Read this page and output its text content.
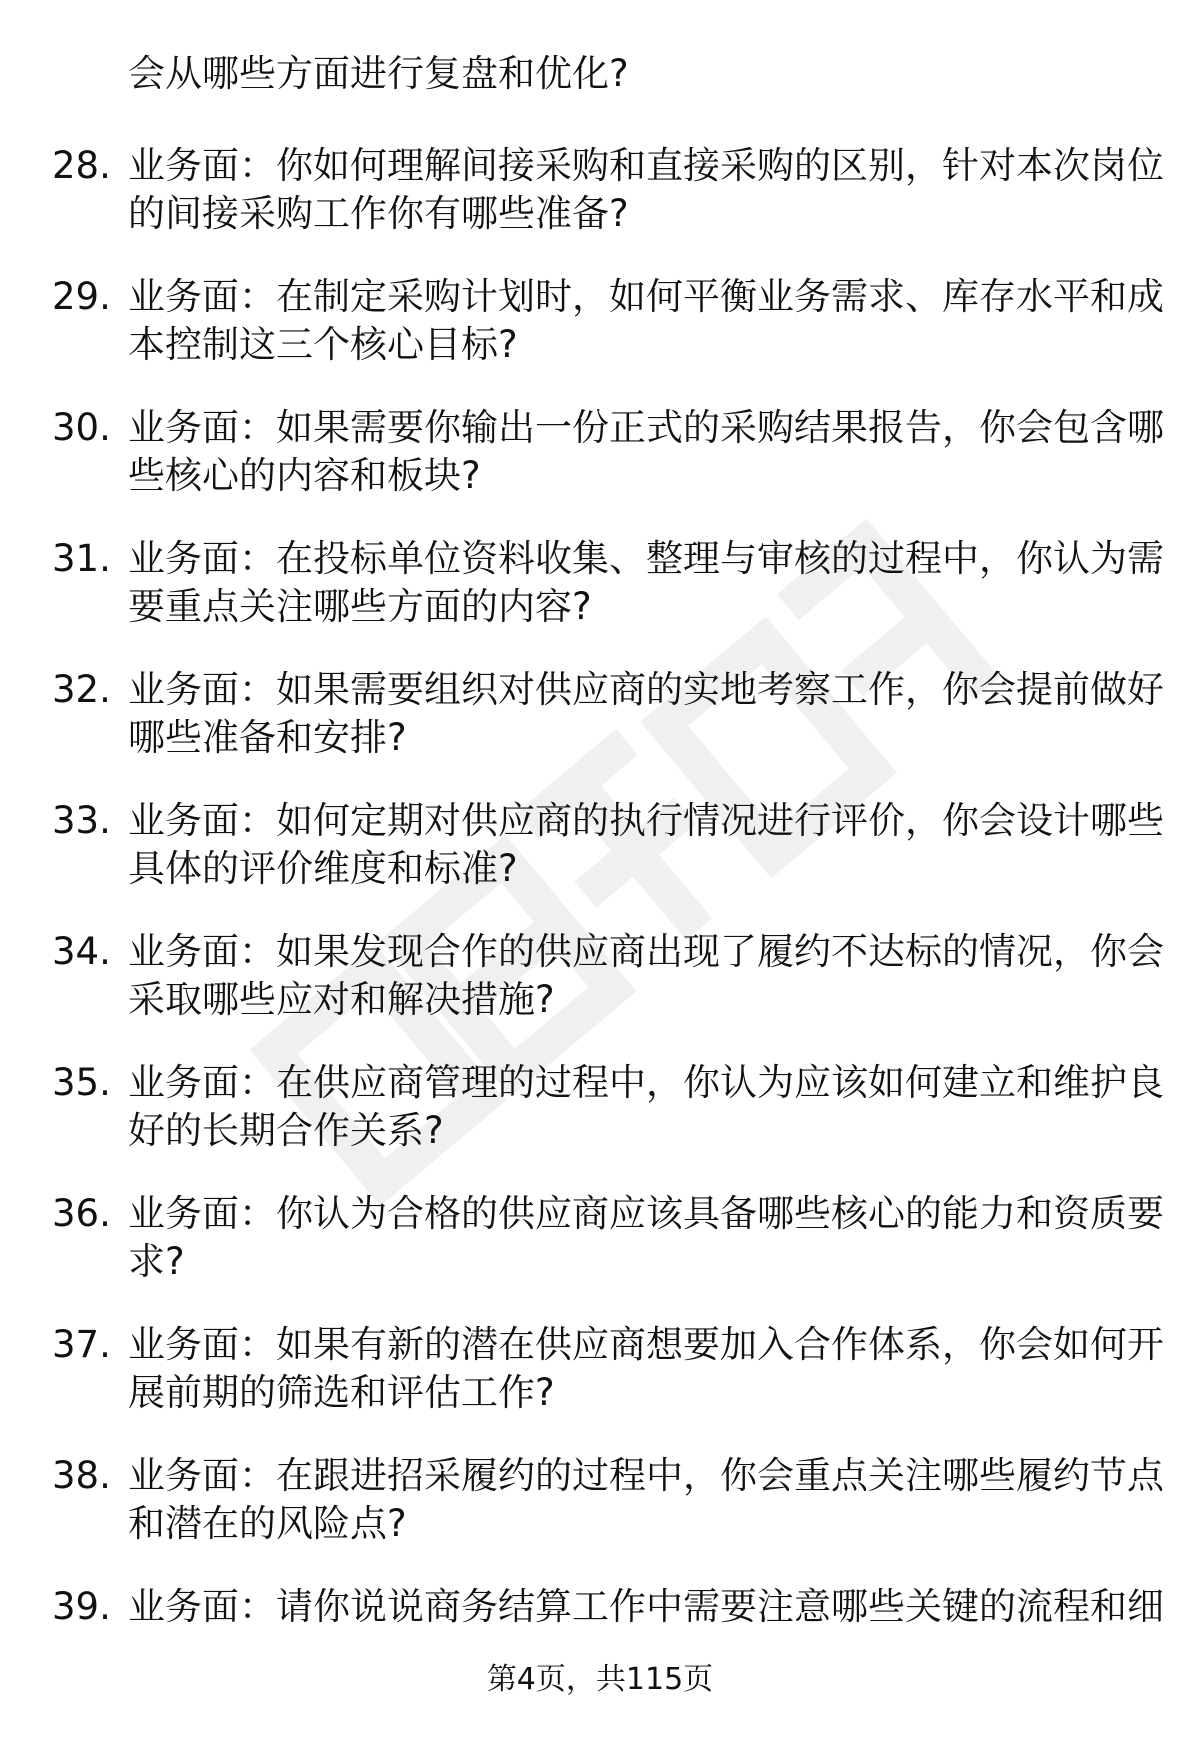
会从哪些方面进行复盘和优化?
28. 业务面：你如何理解间接采购和直接采购的区别，针对本次岗位
的间接采购工作你有哪些准备?
29. 业务面：在制定采购计划时，如何平衡业务需求、库存水平和成
本控制这三个核心目标?
30. 业务面：如果需要你输出一份正式的采购结果报告，你会包含哪
些核心的内容和板块?
31. 业务面：在投标单位资料收集、整理与审核的过程中，你认为需
要重点关注哪些方面的内容?
32. 业务面：如果需要组织对供应商的实地考察工作，你会提前做好
哪些准备和安排?
33. 业务面：如何定期对供应商的执行情况进行评价，你会设计哪些
具体的评价维度和标准?
34. 业务面：如果发现合作的供应商出现了履约不达标的情况，你会
采取哪些应对和解决措施?
35. 业务面：在供应商管理的过程中，你认为应该如何建立和维护良
好的长期合作关系?
36. 业务面：你认为合格的供应商应该具备哪些核心的能力和资质要
求?
37. 业务面：如果有新的潜在供应商想要加入合作体系，你会如何开
展前期的筛选和评估工作?
38. 业务面：在跟进招采履约的过程中，你会重点关注哪些履约节点
和潜在的风险点?
39. 业务面：请你说说商务结算工作中需要注意哪些关键的流程和细
第4页，共115页
